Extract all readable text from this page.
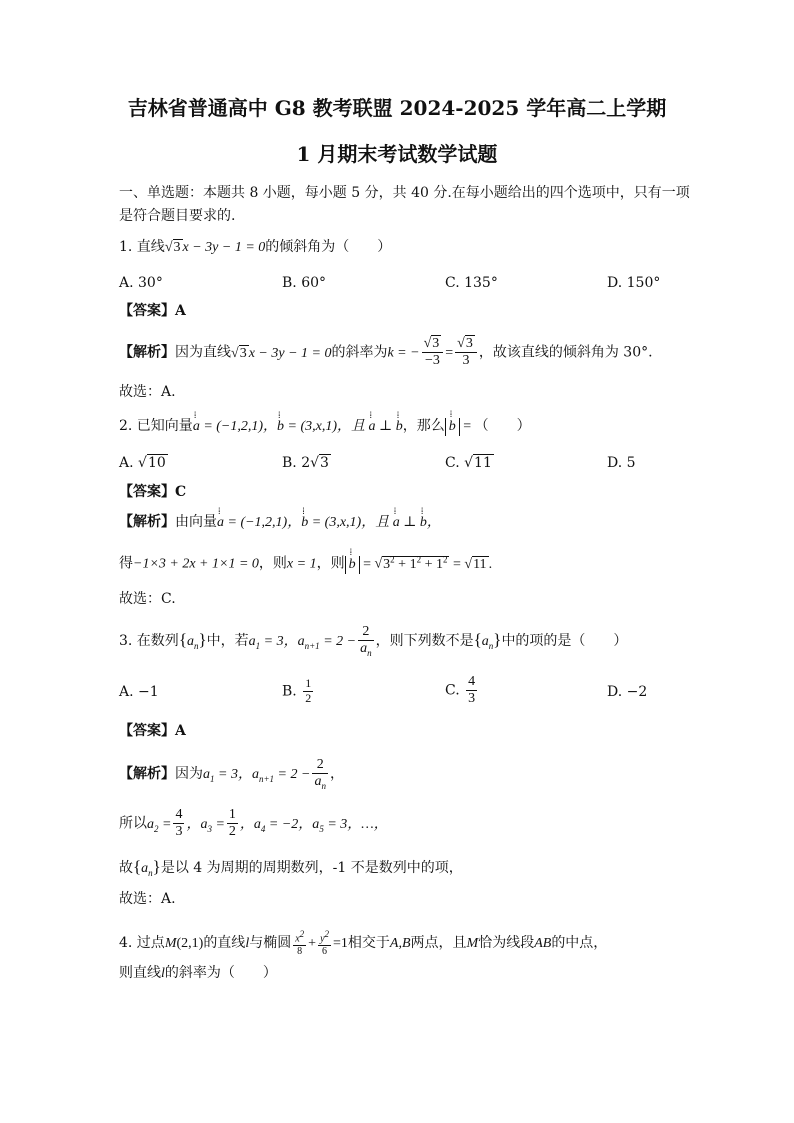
吉林省普通高中 G8 教考联盟 2024-2025 学年高二上学期
1 月期末考试数学试题
一、单选题：本题共 8 小题，每小题 5 分，共 40 分.在每小题给出的四个选项中，只有一项
是符合题目要求的.
1. 直线√3 x − 3y − 1 = 0的倾斜角为（　　）
A. 30°	B. 60°	C. 135°	D. 150°
【答案】A
【解析】因为直线√3 x − 3y − 1 = 0的斜率为k = − $\frac{√3}{-3} = \frac{√3}{3}$ ，故该直线的倾斜角为 30°.
故选：A.
2. 已知向量⁞ a = (−1,2,1)，⁞ b = (3,x,1)，且 ⁞ a ⊥ ⁞ b，那么 ⁞ b = （　　）
A. √10	B. 2√3	C. √11	D. 5
【答案】C
【解析】由向量⁞ a = (−1,2,1)，⁞ b = (3,x,1)，且 ⁞ a ⊥ ⁞ b，
得−1×3 + 2x + 1×1 = 0，则x = 1，则 ⁞ $b = √3^2 + 1^2 + 1^2 = √11$ .
故选：C.
3. 在数列$\{a_n\}$中，若$a_1 = 3$，$a_{n+1} = 2 - \frac{2}{a_n}$ ，则下列数不是$\{a_n\}$中的项的是（　　）
A. −1	B. $\frac{1}{2}$	C. $\frac{4}{3}$	D. −2
【答案】A
【解析】因为$a_1 = 3$，$a_{n+1} = 2 - \frac{2}{a_n}$ ，
所以$a_2 = \frac{4}{3}$ ，$a_3 = \frac{1}{2}$ ，$a_4 = -2$，$a_5 = 3$，…，
故$\{a_n\}$是以 4 为周期的周期数列，-1 不是数列中的项，
故选：A.
4. 过点M(2,1)的直线l与椭圆 $\frac{x^2}{8} + \frac{y^2}{6} =1$相交于A,B两点，且M恰为线段AB的中点，
则直线l的斜率为（　　）
